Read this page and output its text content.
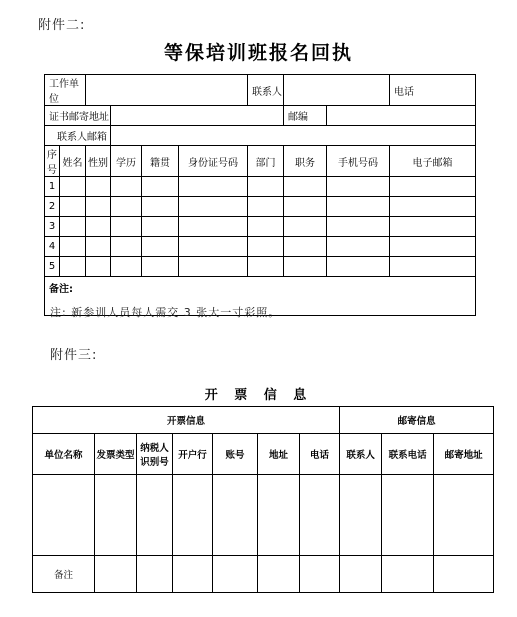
附件二:
等保培训班报名回执
工作单位						联系人			电话
证书邮寄地址							邮编		
联系人邮箱									
序号	姓名	性别	学历	籍贯	身份证号码	部门	职务	手机号码	电子邮箱
1									
2									
3									
4									
5									
备注:									
注: 新参训人员每人需交 3 张大一寸彩照。
附件三:
开 票 信 息
开票信息							邮寄信息		
单位名称	发票类型	纳税人识别号	开户行	账号	地址	电话	联系人	联系电话	邮寄地址

备注									
